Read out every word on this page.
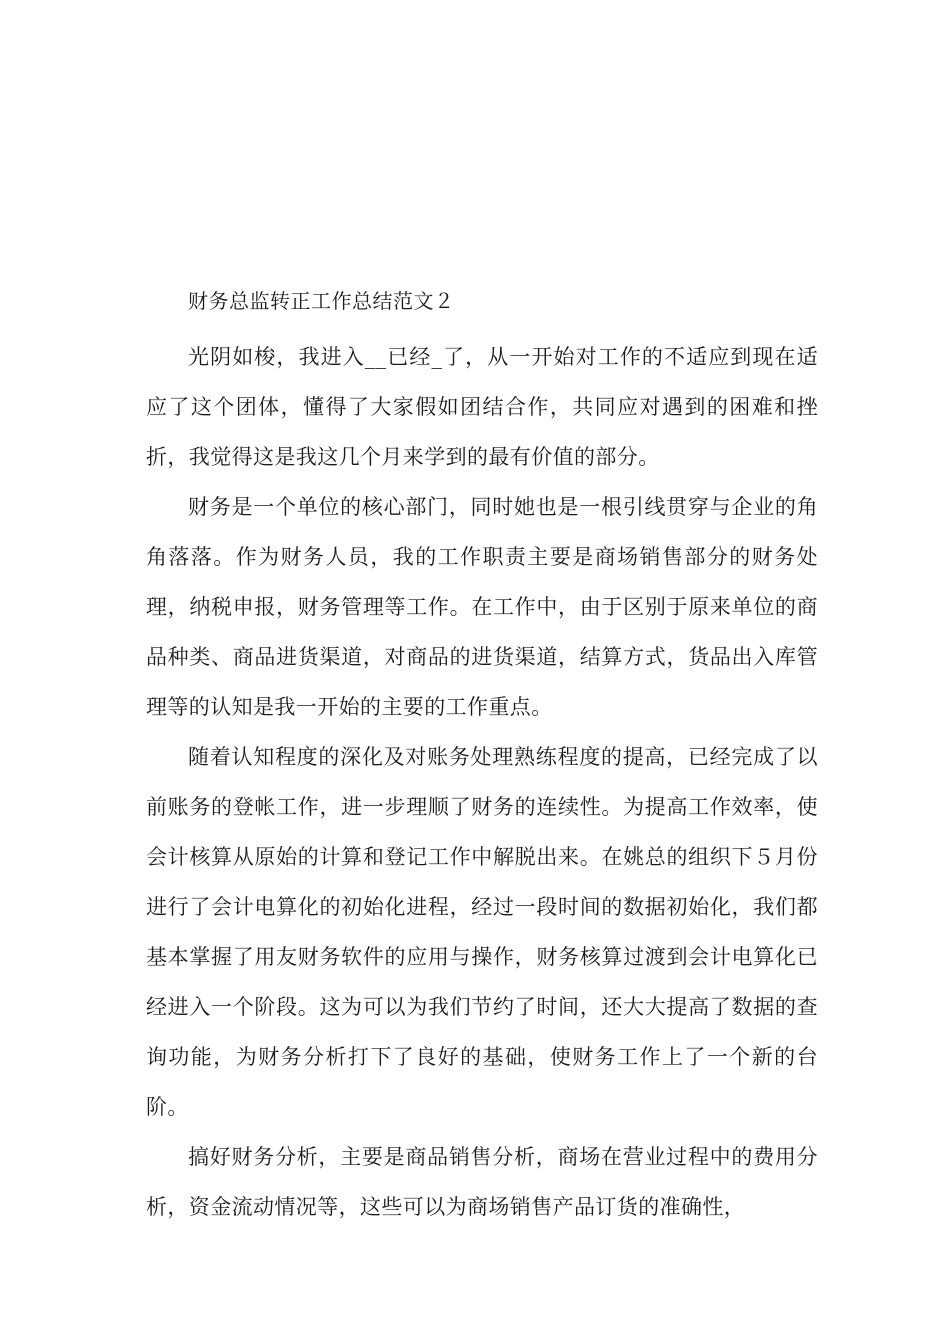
财务总监转正工作总结范文２

光阴如梭，我进入__已经_了，从一开始对工作的不适应到现在适应了这个团体，懂得了大家假如团结合作，共同应对遇到的困难和挫折，我觉得这是我这几个月来学到的最有价值的部分。

财务是一个单位的核心部门，同时她也是一根引线贯穿与企业的角角落落。作为财务人员，我的工作职责主要是商场销售部分的财务处理，纳税申报，财务管理等工作。在工作中，由于区别于原来单位的商品种类、商品进货渠道，对商品的进货渠道，结算方式，货品出入库管理等的认知是我一开始的主要的工作重点。

随着认知程度的深化及对账务处理熟练程度的提高，已经完成了以前账务的登帐工作，进一步理顺了财务的连续性。为提高工作效率，使会计核算从原始的计算和登记工作中解脱出来。在姚总的组织下５月份进行了会计电算化的初始化进程，经过一段时间的数据初始化，我们都基本掌握了用友财务软件的应用与操作，财务核算过渡到会计电算化已经进入一个阶段。这为可以为我们节约了时间，还大大提高了数据的查询功能，为财务分析打下了良好的基础，使财务工作上了一个新的台阶。

搞好财务分析，主要是商品销售分析，商场在营业过程中的费用分析，资金流动情况等，这些可以为商场销售产品订货的准确性，
